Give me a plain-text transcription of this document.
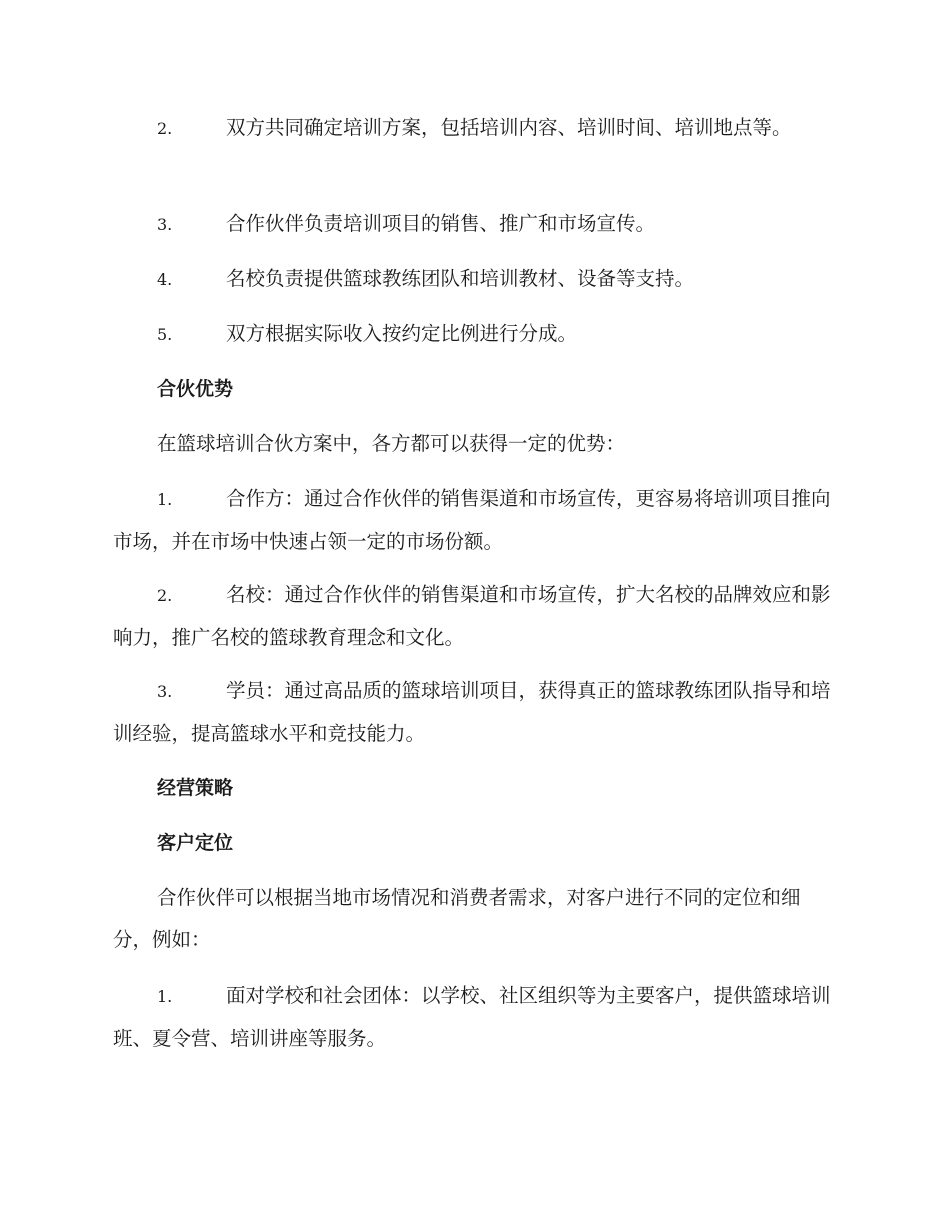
2.	双方共同确定培训方案，包括培训内容、培训时间、培训地点等。

3.	合作伙伴负责培训项目的销售、推广和市场宣传。

4.	名校负责提供篮球教练团队和培训教材、设备等支持。

5.	双方根据实际收入按约定比例进行分成。

合伙优势

在篮球培训合伙方案中，各方都可以获得一定的优势：

1.	合作方：通过合作伙伴的销售渠道和市场宣传，更容易将培训项目推向市场，并在市场中快速占领一定的市场份额。

2.	名校：通过合作伙伴的销售渠道和市场宣传，扩大名校的品牌效应和影响力，推广名校的篮球教育理念和文化。

3.	学员：通过高品质的篮球培训项目，获得真正的篮球教练团队指导和培训经验，提高篮球水平和竞技能力。

经营策略

客户定位

合作伙伴可以根据当地市场情况和消费者需求，对客户进行不同的定位和细分，例如：

1.	面对学校和社会团体：以学校、社区组织等为主要客户，提供篮球培训班、夏令营、培训讲座等服务。
